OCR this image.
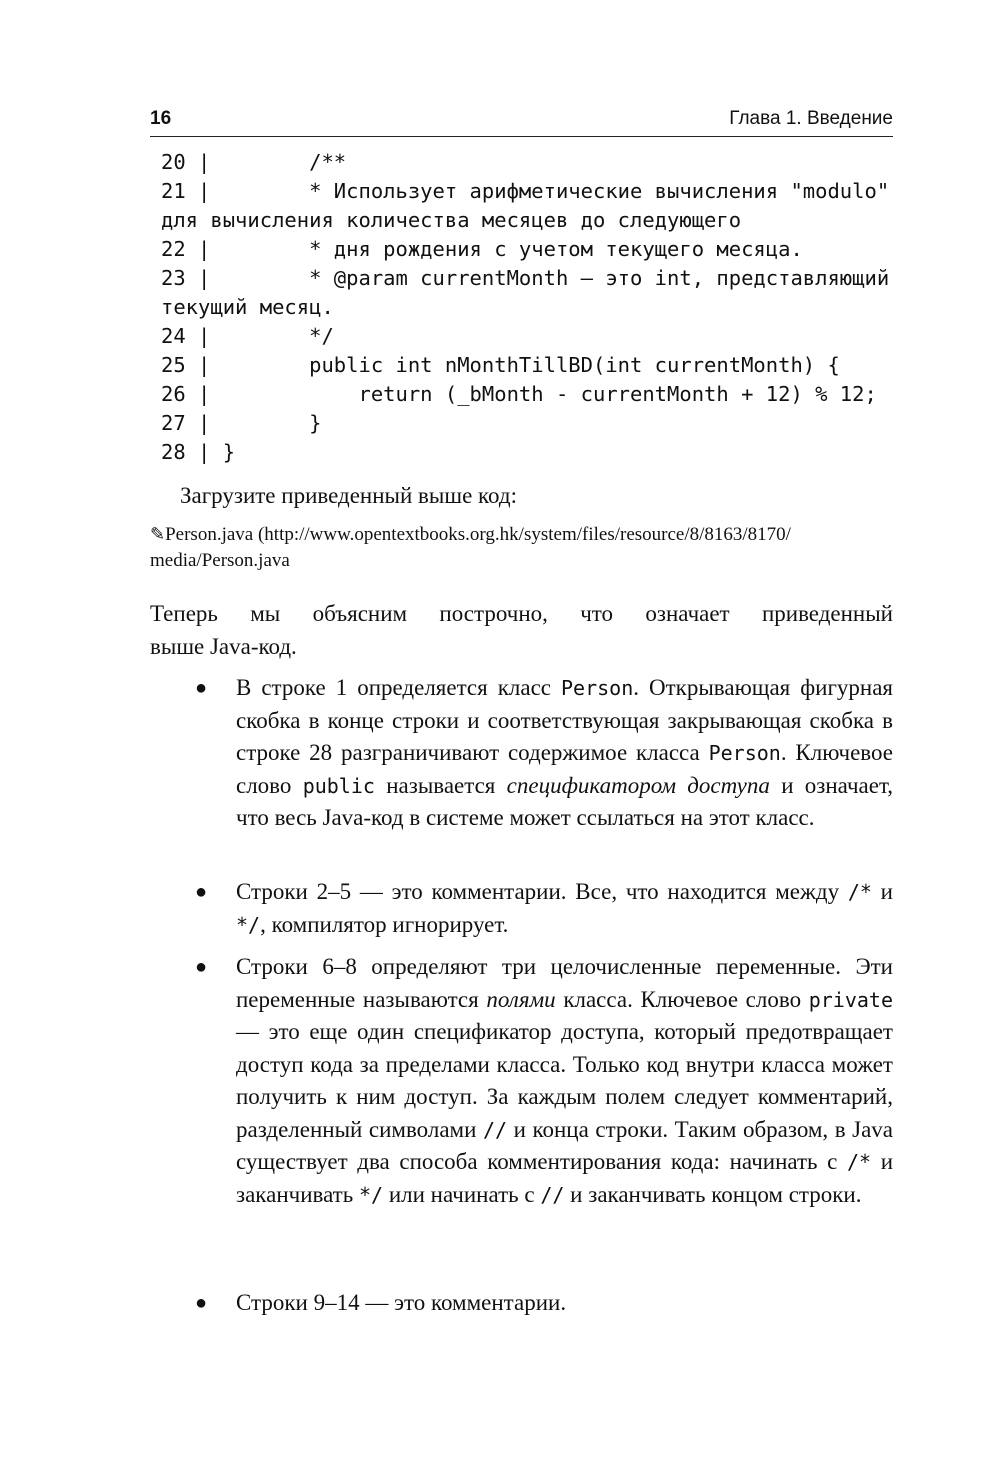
16	Глава 1. Введение
20 |        /**
21 |        * Использует арифметические вычисления "modulo"
для вычисления количества месяцев до следующего
22 |        * дня рождения с учетом текущего месяца.
23 |        * @param currentMonth – это int, представляющий
текущий месяц.
24 |        */
25 |        public int nMonthTillBD(int currentMonth) {
26 |            return (_bMonth - currentMonth + 12) % 12;
27 |        }
28 | }
Загрузите приведенный выше код:
✎Person.java (http://www.opentextbooks.org.hk/system/files/resource/8/8163/8170/
media/Person.java
Теперь мы объясним построчно, что означает приведенный
выше Java-код.
● В строке 1 определяется класс Person. Открывающая фигурная скобка в конце строки и соответствующая закрывающая скобка в строке 28 разграничивают содержимое класса Person. Ключевое слово public называется спецификатором доступа и означает, что весь Java-код в системе может ссылаться на этот класс.
● Строки 2–5 — это комментарии. Все, что находится между /* и */, компилятор игнорирует.
● Строки 6–8 определяют три целочисленные переменные. Эти переменные называются полями класса. Ключевое слово private — это еще один спецификатор доступа, который предотвращает доступ кода за пределами класса. Только код внутри класса может получить к ним доступ. За каждым полем следует комментарий, разделенный символами // и конца строки. Таким образом, в Java существует два способа комментирования кода: начинать с /* и заканчивать */ или начинать с // и заканчивать концом строки.
● Строки 9–14 — это комментарии.
